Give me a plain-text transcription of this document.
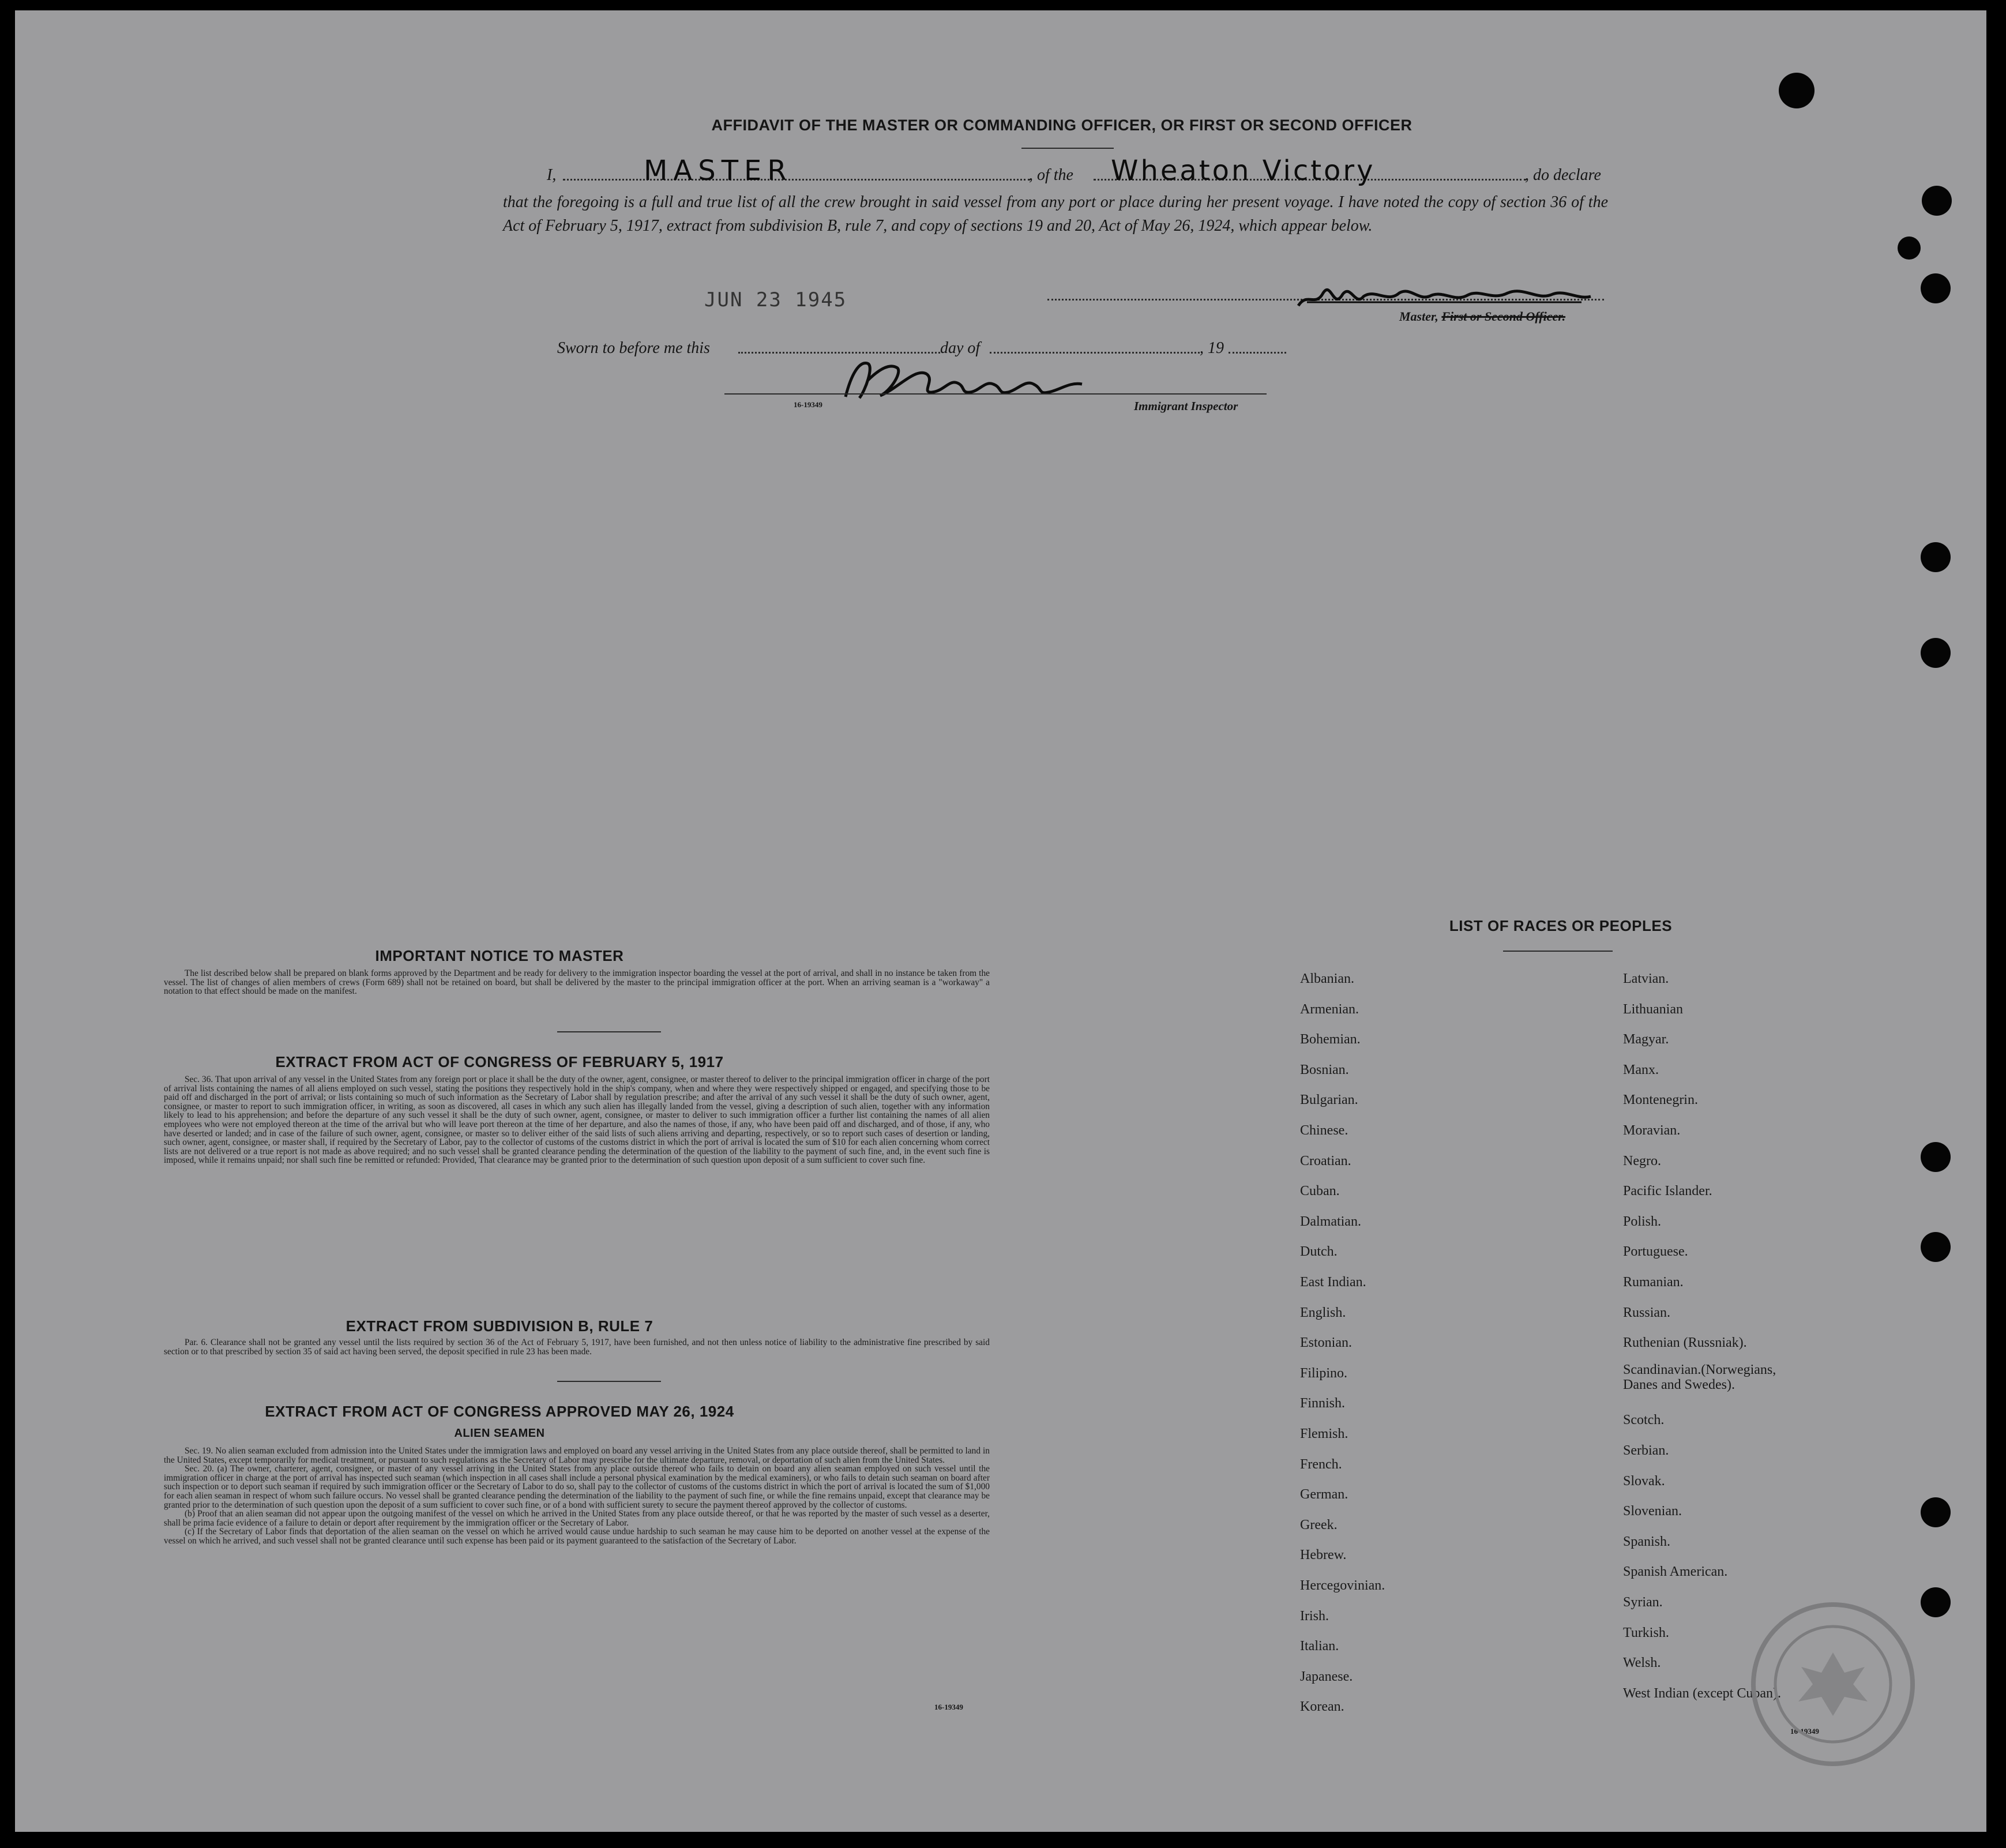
AFFIDAVIT OF THE MASTER OR COMMANDING OFFICER, OR FIRST OR SECOND OFFICER
I,	MASTER	, of the Wheaton Victory	, do declare
that the foregoing is a full and true list of all the crew brought in said vessel from any port or place during her present voyage. I have noted the copy of section 36 of the Act of February 5, 1917, extract from subdivision B, rule 7, and copy of sections 19 and 20, Act of May 26, 1924, which appear below.
JUN 23 1945
Master, First or Second Officer.
Sworn to before me this	day of	, 19
16-19349	Immigrant Inspector
IMPORTANT NOTICE TO MASTER

The list described below shall be prepared on blank forms approved by the Department and be ready for delivery to the immigration inspector boarding the vessel at the port of arrival, and shall in no instance be taken from the vessel. The list of changes of alien members of crews (Form 689) shall not be retained on board, but shall be delivered by the master to the principal immigration officer at the port. When an arriving seaman is a "workaway" a notation to that effect should be made on the manifest.

EXTRACT FROM ACT OF CONGRESS OF FEBRUARY 5, 1917

Sec. 36. That upon arrival of any vessel in the United States from any foreign port or place it shall be the duty of the owner, agent, consignee, or master thereof to deliver to the principal immigration officer in charge of the port of arrival lists containing the names of all aliens employed on such vessel, stating the positions they respectively hold in the ship's company, when and where they were respectively shipped or engaged, and specifying those to be paid off and discharged in the port of arrival; or lists containing so much of such information as the Secretary of Labor shall by regulation prescribe; and after the arrival of any such vessel it shall be the duty of such owner, agent, consignee, or master to report to such immigration officer, in writing, as soon as discovered, all cases in which any such alien has illegally landed from the vessel, giving a description of such alien, together with any information likely to lead to his apprehension; and before the departure of any such vessel it shall be the duty of such owner, agent, consignee, or master to deliver to such immigration officer a further list containing the names of all alien employees who were not employed thereon at the time of the arrival but who will leave port thereon at the time of her departure, and also the names of those, if any, who have been paid off and discharged, and of those, if any, who have deserted or landed; and in case of the failure of such owner, agent, consignee, or master so to deliver either of the said lists of such aliens arriving and departing, respectively, or so to report such cases of desertion or landing, such owner, agent, consignee, or master shall, if required by the Secretary of Labor, pay to the collector of customs of the customs district in which the port of arrival is located the sum of $10 for each alien concerning whom correct lists are not delivered or a true report is not made as above required; and no such vessel shall be granted clearance pending the determination of the question of the liability to the payment of such fine, and, in the event such fine is imposed, while it remains unpaid; nor shall such fine be remitted or refunded: Provided, That clearance may be granted prior to the determination of such question upon deposit of a sum sufficient to cover such fine.

EXTRACT FROM SUBDIVISION B, RULE 7

Par. 6. Clearance shall not be granted any vessel until the lists required by section 36 of the Act of February 5, 1917, have been furnished, and not then unless notice of liability to the administrative fine prescribed by said section or to that prescribed by section 35 of said act having been served, the deposit specified in rule 23 has been made.

EXTRACT FROM ACT OF CONGRESS APPROVED MAY 26, 1924
ALIEN SEAMEN

Sec. 19. No alien seaman excluded from admission into the United States under the immigration laws and employed on board any vessel arriving in the United States from any place outside thereof, shall be permitted to land in the United States, except temporarily for medical treatment, or pursuant to such regulations as the Secretary of Labor may prescribe for the ultimate departure, removal, or deportation of such alien from the United States.

Sec. 20. (a) The owner, charterer, agent, consignee, or master of any vessel arriving in the United States from any place outside thereof who fails to detain on board any alien seaman employed on such vessel until the immigration officer in charge at the port of arrival has inspected such seaman (which inspection in all cases shall include a personal physical examination by the medical examiners), or who fails to detain such seaman on board after such inspection or to deport such seaman if required by such immigration officer or the Secretary of Labor to do so, shall pay to the collector of customs of the customs district in which the port of arrival is located the sum of $1,000 for each alien seaman in respect of whom such failure occurs. No vessel shall be granted clearance pending the determination of the liability to the payment of such fine, or while the fine remains unpaid, except that clearance may be granted prior to the determination of such question upon the deposit of a sum sufficient to cover such fine, or of a bond with sufficient surety to secure the payment thereof approved by the collector of customs.

(b) Proof that an alien seaman did not appear upon the outgoing manifest of the vessel on which he arrived in the United States from any place outside thereof, or that he was reported by the master of such vessel as a deserter, shall be prima facie evidence of a failure to detain or deport after requirement by the immigration officer or the Secretary of Labor.

(c) If the Secretary of Labor finds that deportation of the alien seaman on the vessel on which he arrived would cause undue hardship to such seaman he may cause him to be deported on another vessel at the expense of the vessel on which he arrived, and such vessel shall not be granted clearance until such expense has been paid or its payment guaranteed to the satisfaction of the Secretary of Labor.

16-19349
LIST OF RACES OR PEOPLES
Albanian.
Armenian.
Bohemian.
Bosnian.
Bulgarian.
Chinese.
Croatian.
Cuban.
Dalmatian.
Dutch.
East Indian.
English.
Estonian.
Filipino.
Finnish.
Flemish.
French.
German.
Greek.
Hebrew.
Hercegovinian.
Irish.
Italian.
Japanese.
Korean.
Latvian.
Lithuanian
Magyar.
Manx.
Montenegrin.
Moravian.
Negro.
Pacific Islander.
Polish.
Portuguese.
Rumanian.
Russian.
Ruthenian (Russniak).
Scandinavian.(Norwegians,
Danes and Swedes).
Scotch.
Serbian.
Slovak.
Slovenian.
Spanish.
Spanish American.
Syrian.
Turkish.
Welsh.
West Indian (except Cuban).
16-19349
